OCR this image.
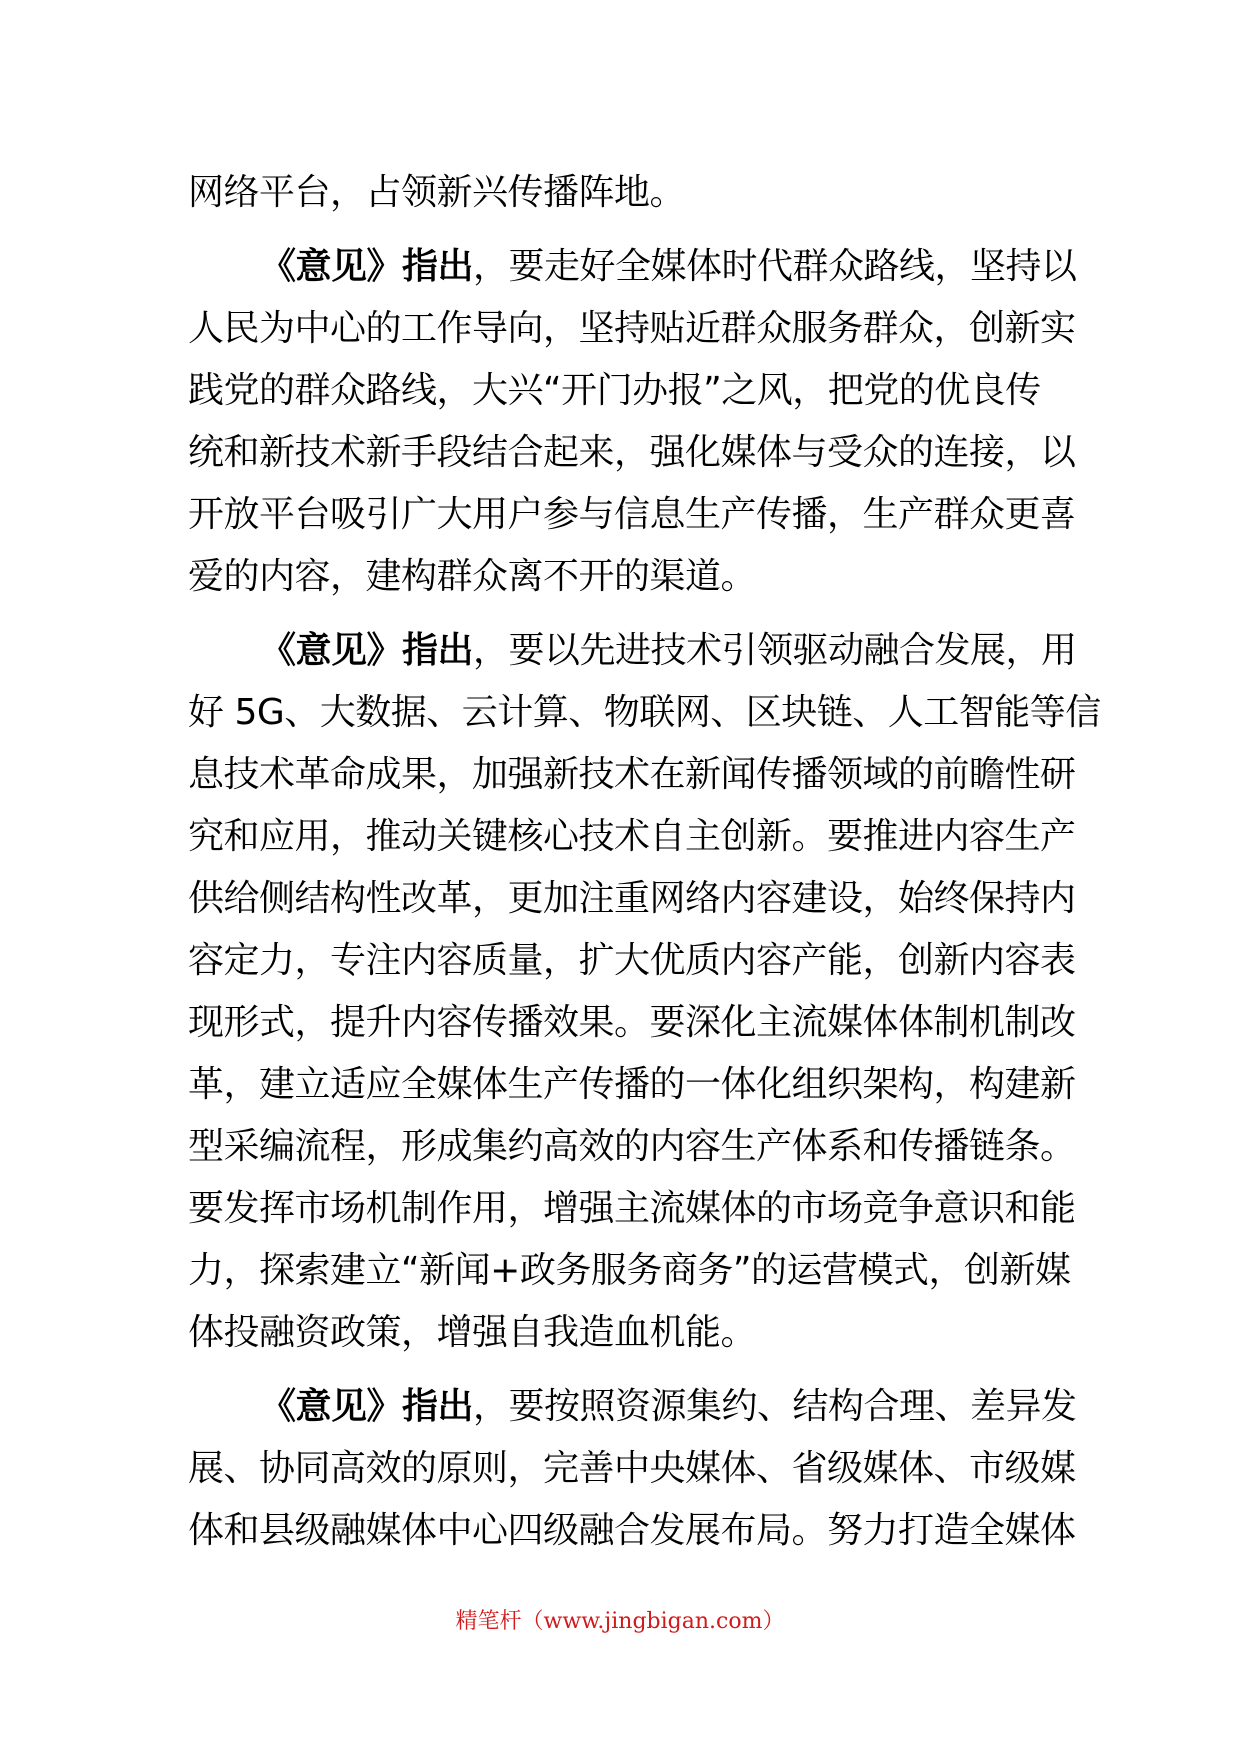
网络平台，占领新兴传播阵地。
《意见》指出，要走好全媒体时代群众路线，坚持以
人民为中心的工作导向，坚持贴近群众服务群众，创新实
践党的群众路线，大兴“开门办报”之风，把党的优良传
统和新技术新手段结合起来，强化媒体与受众的连接，以
开放平台吸引广大用户参与信息生产传播，生产群众更喜
爱的内容，建构群众离不开的渠道。
《意见》指出，要以先进技术引领驱动融合发展，用
好 5G、大数据、云计算、物联网、区块链、人工智能等信
息技术革命成果，加强新技术在新闻传播领域的前瞻性研
究和应用，推动关键核心技术自主创新。要推进内容生产
供给侧结构性改革，更加注重网络内容建设，始终保持内
容定力，专注内容质量，扩大优质内容产能，创新内容表
现形式，提升内容传播效果。要深化主流媒体体制机制改
革，建立适应全媒体生产传播的一体化组织架构，构建新
型采编流程，形成集约高效的内容生产体系和传播链条。
要发挥市场机制作用，增强主流媒体的市场竞争意识和能
力，探索建立“新闻+政务服务商务”的运营模式，创新媒
体投融资政策，增强自我造血机能。
《意见》指出，要按照资源集约、结构合理、差异发
展、协同高效的原则，完善中央媒体、省级媒体、市级媒
体和县级融媒体中心四级融合发展布局。努力打造全媒体
精笔杆（www.jingbigan.com）
